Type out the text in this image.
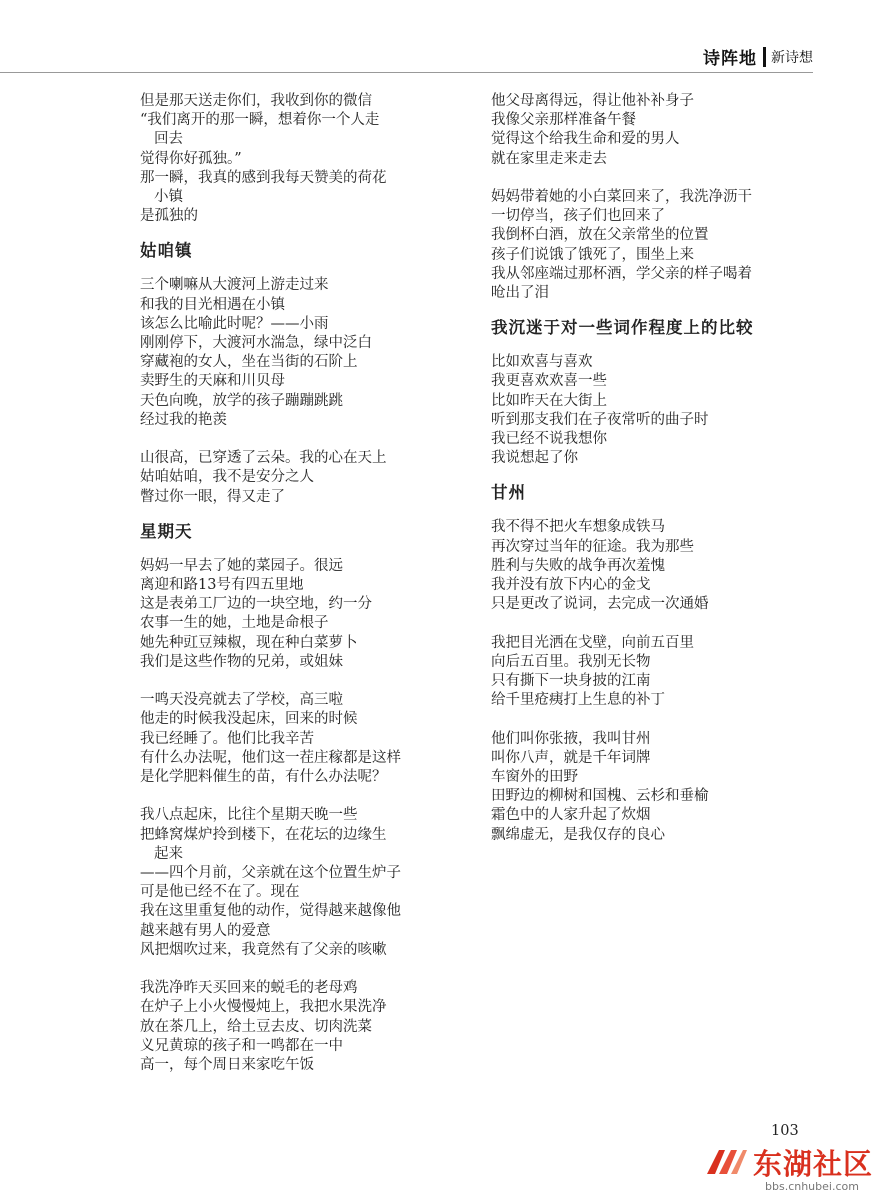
诗阵地 新诗想
但是那天送走你们，我收到你的微信
“我们离开的那一瞬，想着你一个人走
回去
觉得你好孤独。”
那一瞬，我真的感到我每天赞美的荷花
小镇
是孤独的
姑咱镇
三个喇嘛从大渡河上游走过来
和我的目光相遇在小镇
该怎么比喻此时呢？——小雨
刚刚停下，大渡河水湍急，绿中泛白
穿藏袍的女人，坐在当街的石阶上
卖野生的天麻和川贝母
天色向晚，放学的孩子蹦蹦跳跳
经过我的艳羡
山很高，已穿透了云朵。我的心在天上
姑咱姑咱，我不是安分之人
瞥过你一眼，得又走了
星期天
妈妈一早去了她的菜园子。很远
离迎和路13号有四五里地
这是表弟工厂边的一块空地，约一分
农事一生的她，土地是命根子
她先种豇豆辣椒，现在种白菜萝卜
我们是这些作物的兄弟，或姐妹
一鸣天没亮就去了学校，高三啦
他走的时候我没起床，回来的时候
我已经睡了。他们比我辛苦
有什么办法呢，他们这一茬庄稼都是这样
是化学肥料催生的苗，有什么办法呢？
我八点起床，比往个星期天晚一些
把蜂窝煤炉拎到楼下，在花坛的边缘生
起来
——四个月前，父亲就在这个位置生炉子
可是他已经不在了。现在
我在这里重复他的动作，觉得越来越像他
越来越有男人的爱意
风把烟吹过来，我竟然有了父亲的咳嗽
我洗净昨天买回来的蜕毛的老母鸡
在炉子上小火慢慢炖上，我把水果洗净
放在茶几上，给土豆去皮、切肉洗菜
义兄黄琼的孩子和一鸣都在一中
高一，每个周日来家吃午饭
他父母离得远，得让他补补身子
我像父亲那样准备午餐
觉得这个给我生命和爱的男人
就在家里走来走去
妈妈带着她的小白菜回来了，我洗净沥干
一切停当，孩子们也回来了
我倒杯白酒，放在父亲常坐的位置
孩子们说饿了饿死了，围坐上来
我从邻座端过那杯酒，学父亲的样子喝着
呛出了泪
我沉迷于对一些词作程度上的比较
比如欢喜与喜欢
我更喜欢欢喜一些
比如昨天在大街上
听到那支我们在子夜常听的曲子时
我已经不说我想你
我说想起了你
甘州
我不得不把火车想象成铁马
再次穿过当年的征途。我为那些
胜利与失败的战争再次羞愧
我并没有放下内心的金戈
只是更改了说词，去完成一次通婚
我把目光洒在戈壁，向前五百里
向后五百里。我别无长物
只有撕下一块身披的江南
给千里疮痍打上生息的补丁
他们叫你张掖，我叫甘州
叫你八声，就是千年词牌
车窗外的田野
田野边的柳树和国槐、云杉和垂榆
霜色中的人家升起了炊烟
飘绵虚无，是我仅存的良心
103
东湖社区
bbs.cnhubei.com
